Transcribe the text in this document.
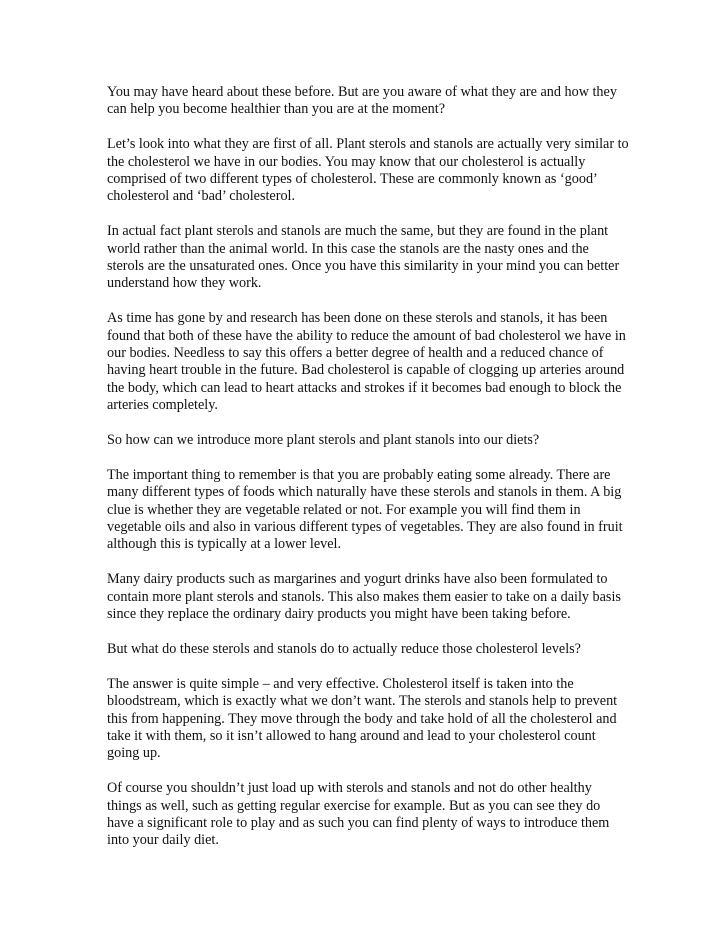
You may have heard about these before. But are you aware of what they are and how they can help you become healthier than you are at the moment?

Let’s look into what they are first of all. Plant sterols and stanols are actually very similar to the cholesterol we have in our bodies. You may know that our cholesterol is actually comprised of two different types of cholesterol. These are commonly known as ‘good’ cholesterol and ‘bad’ cholesterol.

In actual fact plant sterols and stanols are much the same, but they are found in the plant world rather than the animal world. In this case the stanols are the nasty ones and the sterols are the unsaturated ones. Once you have this similarity in your mind you can better understand how they work.

As time has gone by and research has been done on these sterols and stanols, it has been found that both of these have the ability to reduce the amount of bad cholesterol we have in our bodies. Needless to say this offers a better degree of health and a reduced chance of having heart trouble in the future. Bad cholesterol is capable of clogging up arteries around the body, which can lead to heart attacks and strokes if it becomes bad enough to block the arteries completely.

So how can we introduce more plant sterols and plant stanols into our diets?

The important thing to remember is that you are probably eating some already. There are many different types of foods which naturally have these sterols and stanols in them. A big clue is whether they are vegetable related or not. For example you will find them in vegetable oils and also in various different types of vegetables. They are also found in fruit although this is typically at a lower level.

Many dairy products such as margarines and yogurt drinks have also been formulated to contain more plant sterols and stanols. This also makes them easier to take on a daily basis since they replace the ordinary dairy products you might have been taking before.

But what do these sterols and stanols do to actually reduce those cholesterol levels?

The answer is quite simple – and very effective. Cholesterol itself is taken into the bloodstream, which is exactly what we don’t want. The sterols and stanols help to prevent this from happening. They move through the body and take hold of all the cholesterol and take it with them, so it isn’t allowed to hang around and lead to your cholesterol count going up.

Of course you shouldn’t just load up with sterols and stanols and not do other healthy things as well, such as getting regular exercise for example. But as you can see they do have a significant role to play and as such you can find plenty of ways to introduce them into your daily diet.
